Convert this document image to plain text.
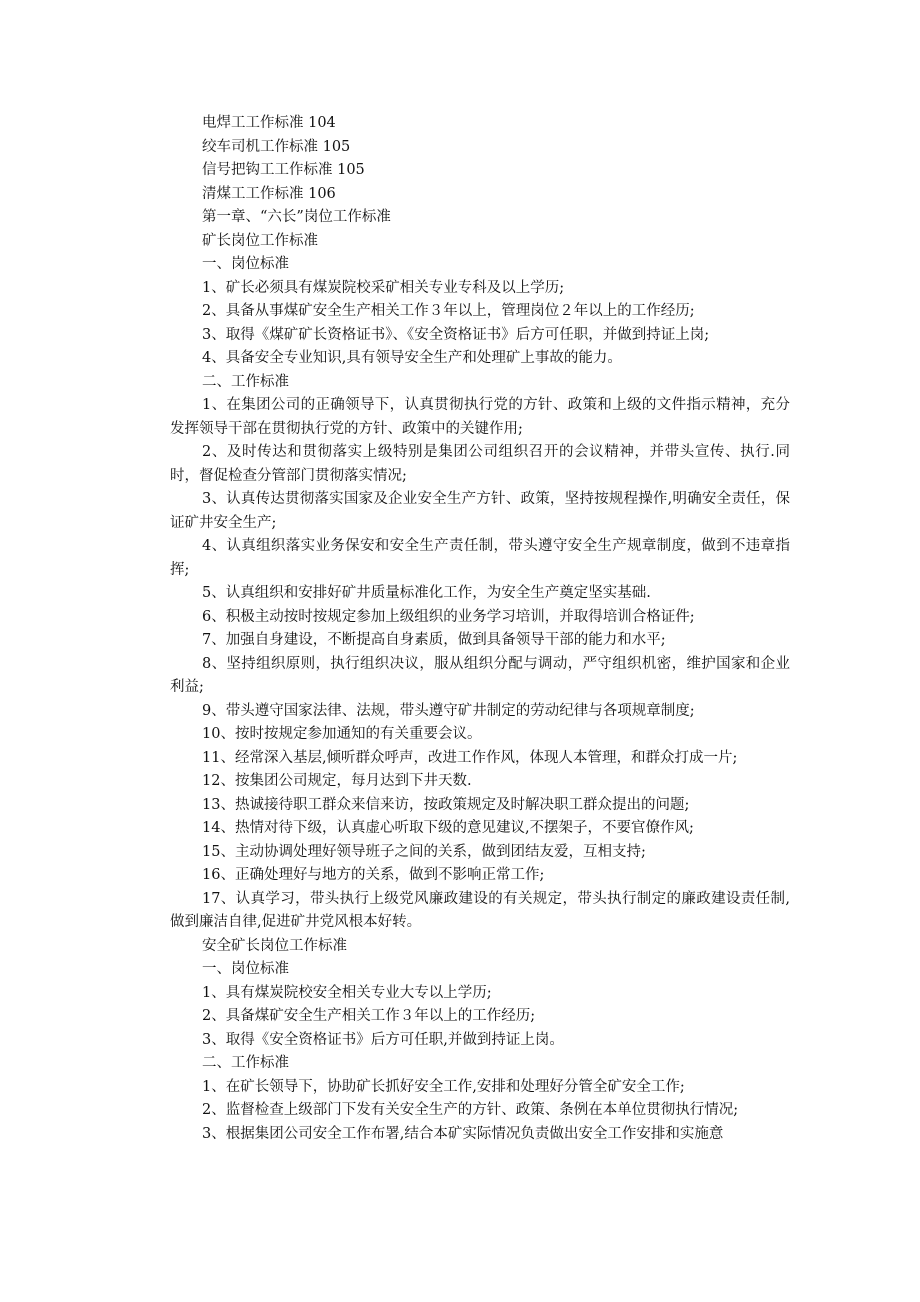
电焊工工作标准 104

绞车司机工作标准 105

信号把钩工工作标准 105

清煤工工作标准 106

第一章、“六长”岗位工作标准

矿长岗位工作标准

一、岗位标准

1、矿长必须具有煤炭院校采矿相关专业专科及以上学历;

2、具备从事煤矿安全生产相关工作３年以上，管理岗位２年以上的工作经历;

3、取得《煤矿矿长资格证书》、《安全资格证书》后方可任职，并做到持证上岗;

4、具备安全专业知识,具有领导安全生产和处理矿上事故的能力。

二、工作标准

1、在集团公司的正确领导下，认真贯彻执行党的方针、政策和上级的文件指示精神，充分发挥领导干部在贯彻执行党的方针、政策中的关键作用;

2、及时传达和贯彻落实上级特别是集团公司组织召开的会议精神，并带头宣传、执行.同时，督促检查分管部门贯彻落实情况;

3、认真传达贯彻落实国家及企业安全生产方针、政策，坚持按规程操作,明确安全责任，保证矿井安全生产;

4、认真组织落实业务保安和安全生产责任制，带头遵守安全生产规章制度，做到不违章指挥;

5、认真组织和安排好矿井质量标准化工作，为安全生产奠定坚实基础.

6、积极主动按时按规定参加上级组织的业务学习培训，并取得培训合格证件;

7、加强自身建设，不断提高自身素质，做到具备领导干部的能力和水平;

8、坚持组织原则，执行组织决议，服从组织分配与调动，严守组织机密，维护国家和企业利益;

9、带头遵守国家法律、法规，带头遵守矿井制定的劳动纪律与各项规章制度;

10、按时按规定参加通知的有关重要会议。

11、经常深入基层,倾听群众呼声，改进工作作风，体现人本管理，和群众打成一片;

12、按集团公司规定，每月达到下井天数.

13、热诚接待职工群众来信来访，按政策规定及时解决职工群众提出的问题;

14、热情对待下级，认真虚心听取下级的意见建议,不摆架子，不要官僚作风;

15、主动协调处理好领导班子之间的关系，做到团结友爱，互相支持;

16、正确处理好与地方的关系，做到不影响正常工作;

17、认真学习，带头执行上级党风廉政建设的有关规定，带头执行制定的廉政建设责任制,做到廉洁自律,促进矿井党风根本好转。

安全矿长岗位工作标准

一、岗位标准

1、具有煤炭院校安全相关专业大专以上学历;

2、具备煤矿安全生产相关工作３年以上的工作经历;

3、取得《安全资格证书》后方可任职,并做到持证上岗。

二、工作标准

1、在矿长领导下，协助矿长抓好安全工作,安排和处理好分管全矿安全工作;

2、监督检查上级部门下发有关安全生产的方针、政策、条例在本单位贯彻执行情况;

3、根据集团公司安全工作布署,结合本矿实际情况负责做出安全工作安排和实施意
